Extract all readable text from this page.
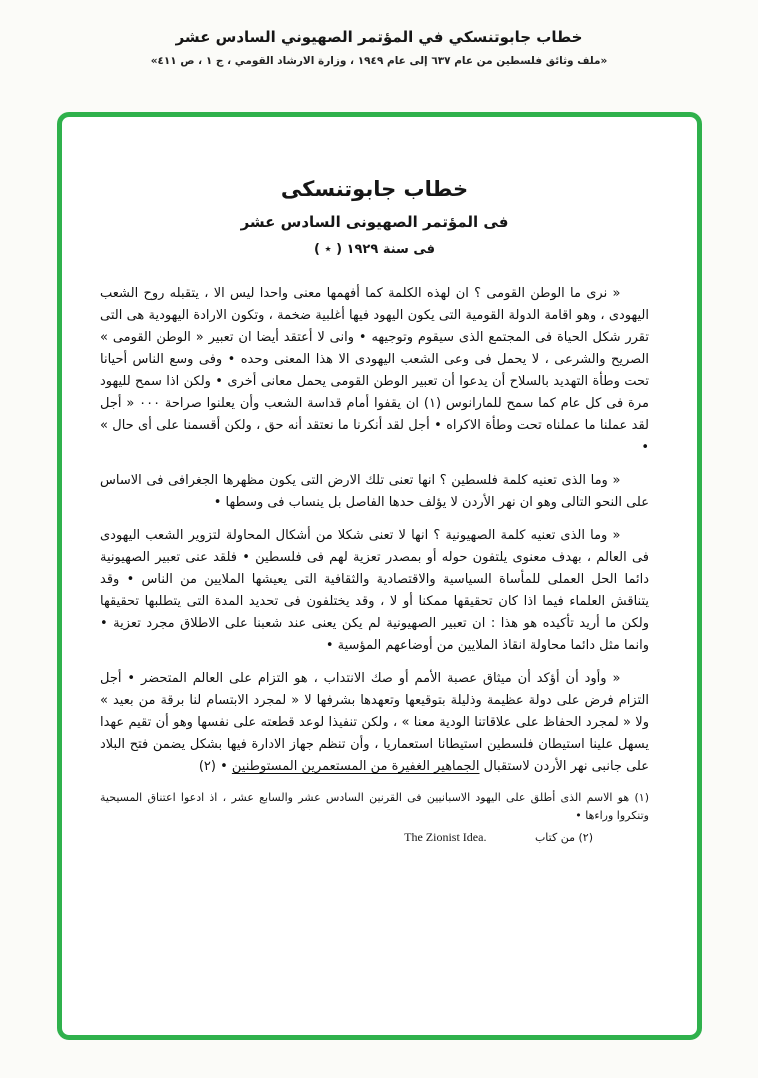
خطاب جابوتنسكي في المؤتمر الصهيوني السادس عشر
«ملف وثائق فلسطين من عام ٦٣٧ إلى عام ١٩٤٩ ، وزارة الارشاد القومي ، ج ١ ، ص ٤١١»
خطاب جابوتنسكى
فى المؤتمر الصهيونى السادس عشر
فى سنة ١٩٢٩ ( ٭ )

« نرى ما الوطن القومى ؟ ان لهذه الكلمة كما أفهمها معنى واحدا ليس الا ، يتقبله روح الشعب اليهودى ، وهو اقامة الدولة القومية التى يكون اليهود فيها أغلبية ضخمة ، وتكون الارادة اليهودية هى التى تقرر شكل الحياة فى المجتمع الذى سيقوم وتوجيهه • وانى لا أعتقد أيضا ان تعبير « الوطن القومى » الصريح والشرعى ، لا يحمل فى وعى الشعب اليهودى الا هذا المعنى وحده • وفى وسع الناس أحيانا تحت وطأة التهديد بالسلاح أن يدعوا أن تعبير الوطن القومى يحمل معانى أخرى • ولكن اذا سمح لليهود مرة فى كل عام كما سمح للمارانوس (١) ان يقفوا أمام قداسة الشعب وأن يعلنوا صراحة ٠٠٠ « أجل لقد عملنا ما عملناه تحت وطأة الاكراه • أجل لقد أنكرنا ما نعتقد أنه حق ، ولكن أقسمنا على أى حال » •

« وما الذى تعنيه كلمة فلسطين ؟ انها تعنى تلك الارض التى يكون مظهرها الجغرافى فى الاساس على النحو التالى وهو ان نهر الأردن لا يؤلف حدها الفاصل بل ينساب فى وسطها •

« وما الذى تعنيه كلمة الصهيونية ؟ انها لا تعنى شكلا من أشكال المحاولة لتزوير الشعب اليهودى فى العالم ، بهدف معنوى يلتفون حوله أو بمصدر تعزية لهم فى فلسطين • فلقد عنى تعبير الصهيونية دائما الحل العملى للمأساة السياسية والاقتصادية والثقافية التى يعيشها الملايين من الناس • وقد يتناقش العلماء فيما اذا كان تحقيقها ممكنا أو لا ، وقد يختلفون فى تحديد المدة التى يتطلبها تحقيقها ولكن ما أريد تأكيده هو هذا : ان تعبير الصهيونية لم يكن يعنى عند شعبنا على الاطلاق مجرد تعزية • وانما مثل دائما محاولة انقاذ الملايين من أوضاعهم المؤسية •

« وأود أن أؤكد أن ميثاق عصبة الأمم أو صك الانتداب ، هو التزام على العالم المتحضر • أجل التزام فرض على دولة عظيمة وذليلة بتوقيعها وتعهدها بشرفها لا « لمجرد الابتسام لنا برقة من بعيد » ولا « لمجرد الحفاظ على علاقاتنا الودية معنا » ، ولكن تنفيذا لوعد قطعته على نفسها وهو أن تقيم عهدا يسهل علينا استيطان فلسطين استيطانا استعماريا ، وأن تنظم جهاز الادارة فيها بشكل يضمن فتح البلاد على جانبى نهر الأردن لاستقبال الجماهير الغفيرة من المستعمرين المستوطنين • (٢)

(١) هو الاسم الذى أطلق على اليهود الاسبانيين فى القرنين السادس عشر والسابع عشر ، اذ ادعوا اعتناق المسيحية وتنكروا وراءها •

(٢) من كتاب The Zionist Idea.
